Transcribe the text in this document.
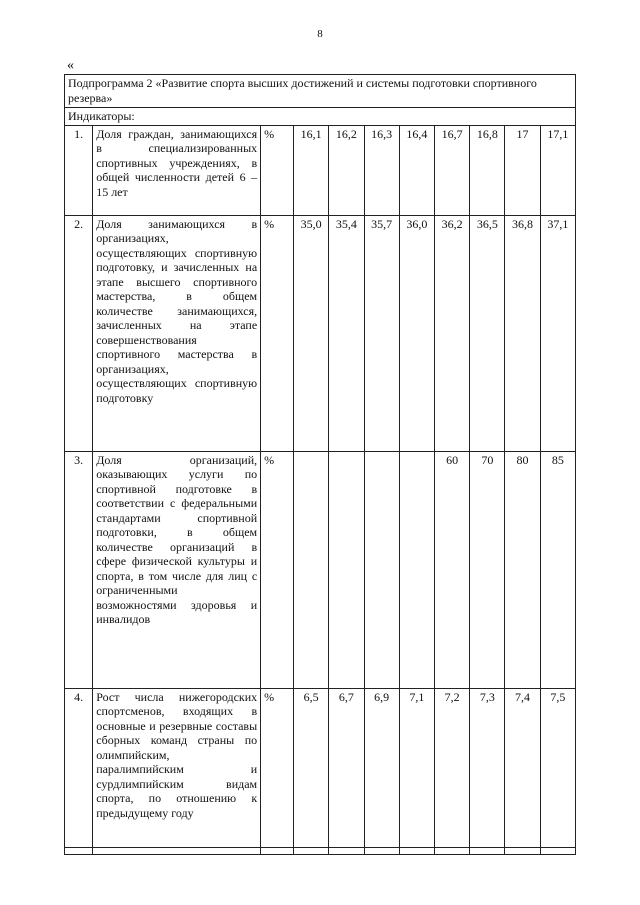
8
«
Подпрограмма 2 «Развитие спорта высших достижений и системы подготовки спортивного резерва»										
Индикаторы:										
1.	Доля граждан, занимающихся в специализированных спортивных учреждениях, в общей численности детей 6 – 15 лет	%	16,1	16,2	16,3	16,4	16,7	16,8	17	17,1
2.	Доля занимающихся в организациях, осуществляющих спортивную подготовку, и зачисленных на этапе высшего спортивного мастерства, в общем количестве занимающихся, зачисленных на этапе совершенствования спортивного мастерства в организациях, осуществляющих спортивную подготовку	%	35,0	35,4	35,7	36,0	36,2	36,5	36,8	37,1
3.	Доля организаций, оказывающих услуги по спортивной подготовке в соответствии с федеральными стандартами спортивной подготовки, в общем количестве организаций в сфере физической культуры и спорта, в том числе для лиц с ограниченными возможностями здоровья и инвалидов	%					60	70	80	85
4.	Рост числа нижегородских спортсменов, входящих в основные и резервные составы сборных команд страны по олимпийским, паралимпийским и сурдлимпийским видам спорта, по отношению к предыдущему году	%	6,5	6,7	6,9	7,1	7,2	7,3	7,4	7,5
